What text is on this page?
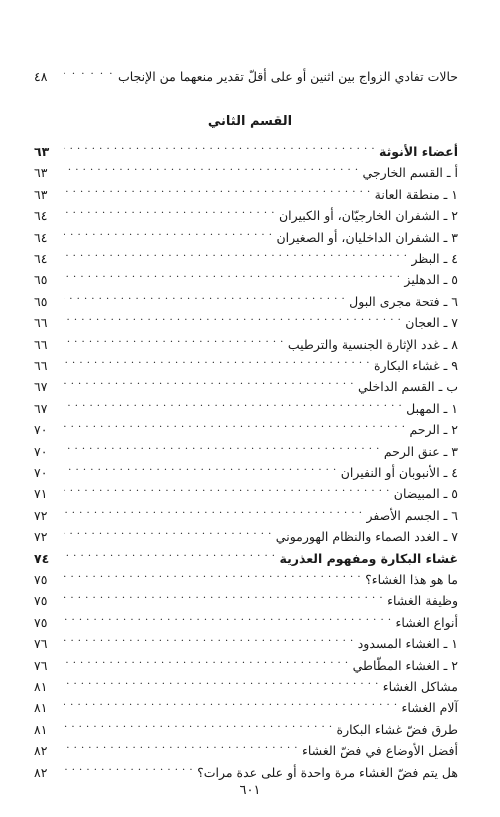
حالات تفادي الزواج بين اثنين أو على أقلّ تقدير منعهما من الإنجاب
. . .
٤٨
القسم الثاني
أعضاء الأنوثة
. . .
٦٣
أ ـ القسم الخارجي
. . .
٦٣
١ ـ منطقة العانة
. . .
٦٣
٢ ـ الشفران الخارجيّان، أو الكبيران
. . .
٦٤
٣ ـ الشفران الداخليان، أو الصغيران
. . .
٦٤
٤ ـ البظر
. . .
٦٤
٥ ـ الدهليز
. . .
٦٥
٦ ـ فتحة مجرى البول
. . .
٦٥
٧ ـ العجان
. . .
٦٦
٨ ـ غدد الإثارة الجنسية والترطيب
. . .
٦٦
٩ ـ غشاء البكارة
. . .
٦٦
ب ـ القسم الداخلي
. . .
٦٧
١ ـ المهبل
. . .
٦٧
٢ ـ الرحم
. . .
٧٠
٣ ـ عنق الرحم
. . .
٧٠
٤ ـ الأنبوبان أو النفيران
. . .
٧٠
٥ ـ المبيضان
. . .
٧١
٦ ـ الجسم الأصفر
. . .
٧٢
٧ ـ الغدد الصماء والنظام الهورموني
. . .
٧٢
غشاء البكارة ومفهوم العذرية
. . .
٧٤
ما هو هذا الغشاء؟
. . .
٧٥
وظيفة الغشاء
. . .
٧٥
أنواع الغشاء
. . .
٧٥
١ ـ الغشاء المسدود
. . .
٧٦
٢ ـ الغشاء المطّاطي
. . .
٧٦
مشاكل الغشاء
. . .
٨١
آلام الغشاء
. . .
٨١
طرق فضّ غشاء البكارة
. . .
٨١
أفضل الأوضاع في فضّ الغشاء
. . .
٨٢
هل يتم فضّ الغشاء مرة واحدة أو على عدة مرات؟
. . .
٨٢
٦٠١
